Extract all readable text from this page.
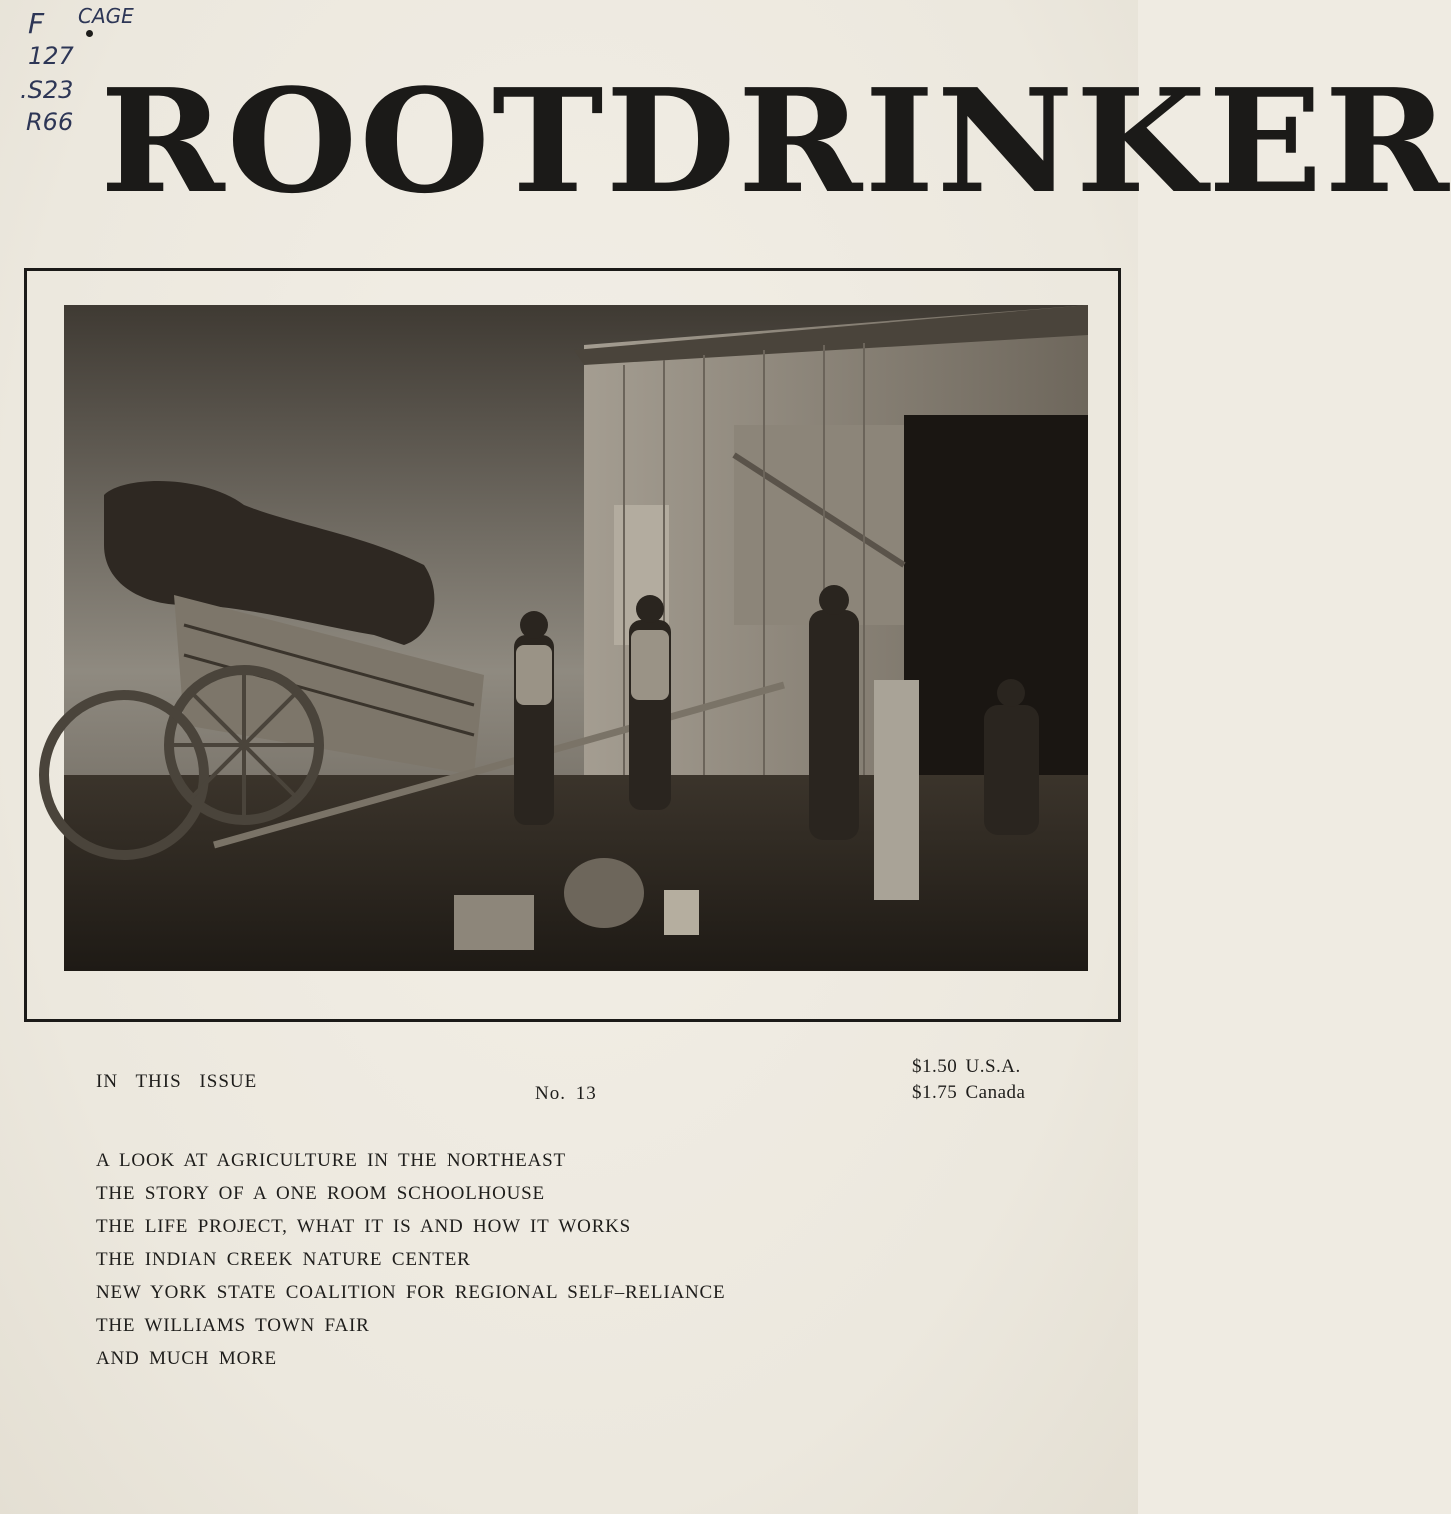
F CAGE
127
.S23
R66 ROOTDRINKER
IN THIS ISSUE
No. 13
$1.50 U.S.A.
$1.75 Canada
A LOOK AT AGRICULTURE IN THE NORTHEAST
THE STORY OF A ONE ROOM SCHOOLHOUSE
THE LIFE PROJECT, WHAT IT IS AND HOW IT WORKS
THE INDIAN CREEK NATURE CENTER
NEW YORK STATE COALITION FOR REGIONAL SELF–RELIANCE
THE WILLIAMS TOWN FAIR
AND MUCH MORE
